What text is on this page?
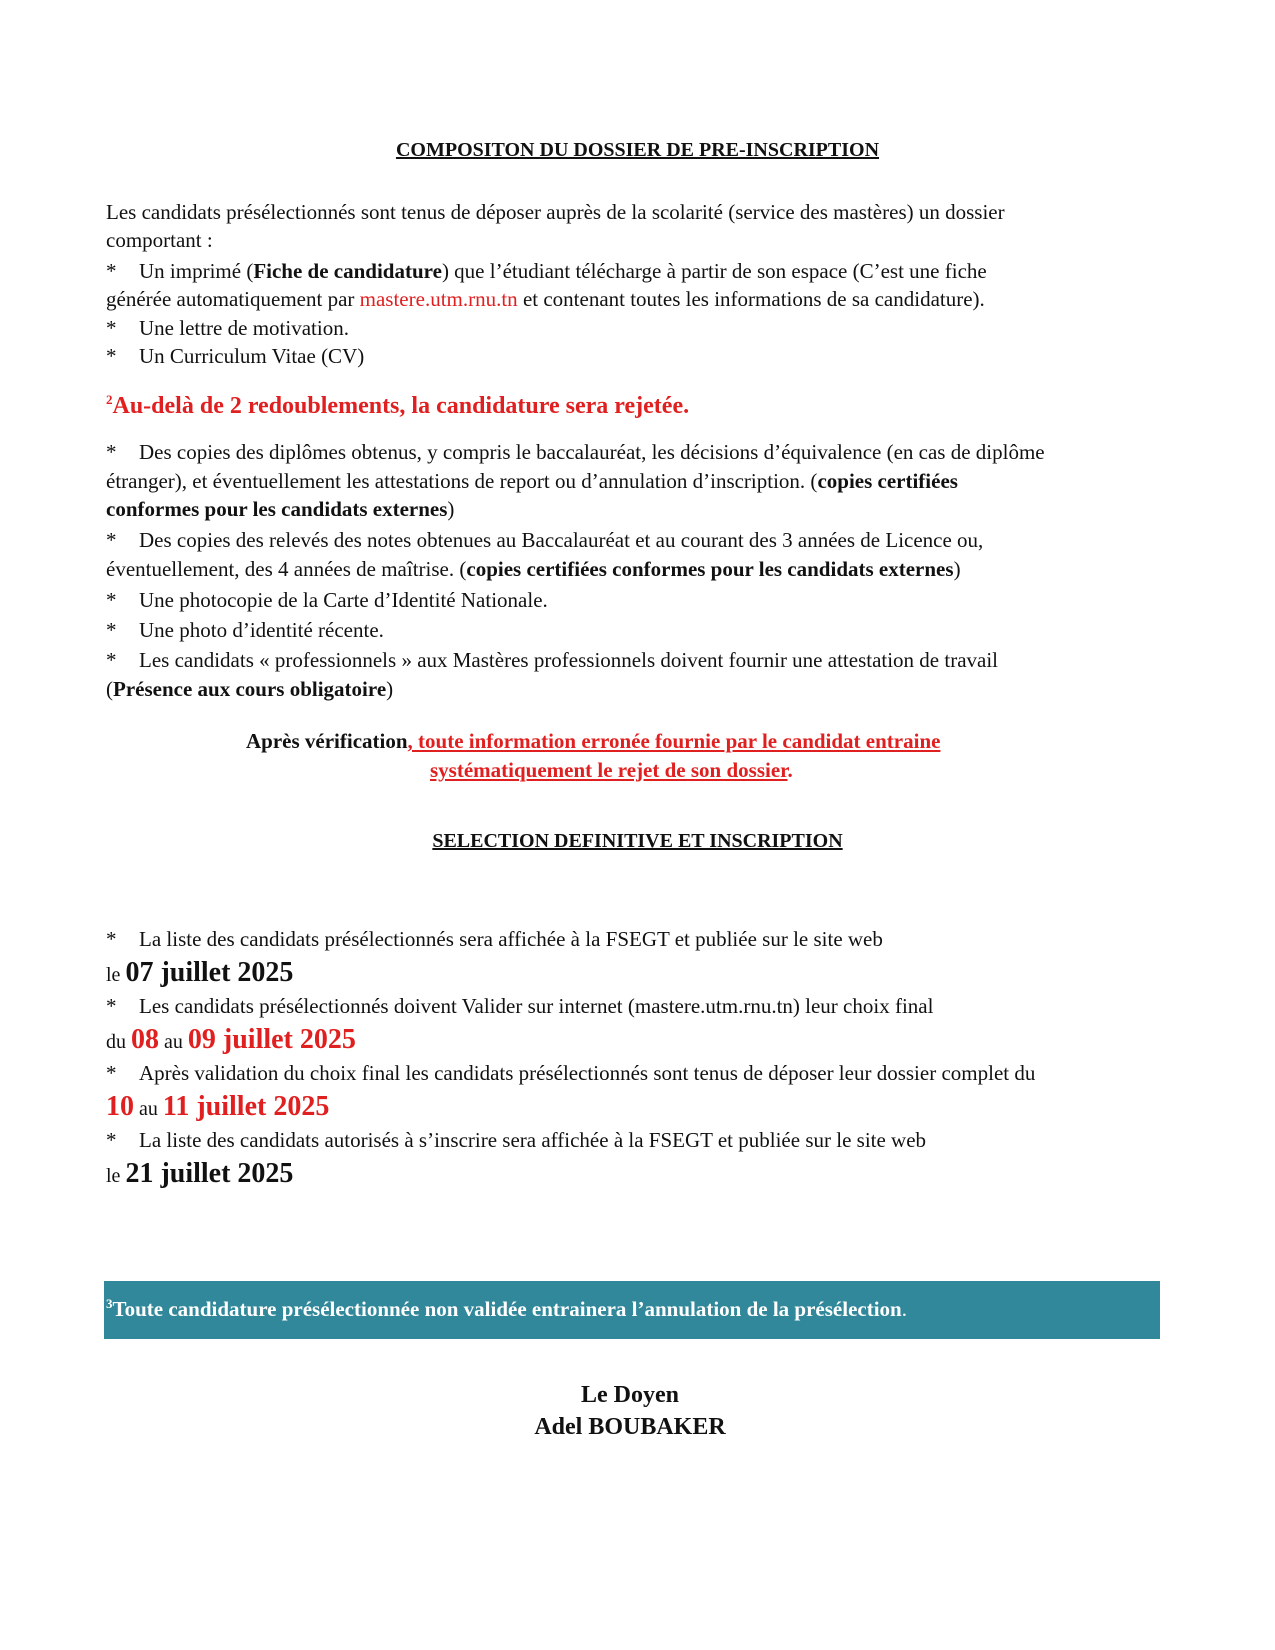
COMPOSITON DU DOSSIER DE PRE-INSCRIPTION
Les candidats présélectionnés sont tenus de déposer auprès de la scolarité (service des mastères) un dossier
comportant :
* Un imprimé (Fiche de candidature) que l’étudiant télécharge à partir de son espace (C’est une fiche
générée automatiquement par mastere.utm.rnu.tn et contenant toutes les informations de sa candidature).
* Une lettre de motivation.
* Un Curriculum Vitae (CV)
$^2$Au-delà de 2 redoublements, la candidature sera rejetée.
* Des copies des diplômes obtenus, y compris le baccalauréat, les décisions d’équivalence (en cas de diplôme
étranger), et éventuellement les attestations de report ou d’annulation d’inscription. (copies certifiées
conformes pour les candidats externes)
* Des copies des relevés des notes obtenues au Baccalauréat et au courant des 3 années de Licence ou,
éventuellement, des 4 années de maîtrise. (copies certifiées conformes pour les candidats externes)
* Une photocopie de la Carte d’Identité Nationale.
* Une photo d’identité récente.
* Les candidats « professionnels » aux Mastères professionnels doivent fournir une attestation de travail
(Présence aux cours obligatoire)
Après vérification, toute information erronée fournie par le candidat entraine
systématiquement le rejet de son dossier.
SELECTION DEFINITIVE ET INSCRIPTION
* La liste des candidats présélectionnés sera affichée à la FSEGT et publiée sur le site web
le 07 juillet 2025
* Les candidats présélectionnés doivent Valider sur internet (mastere.utm.rnu.tn) leur choix final
du 08 au 09 juillet 2025
* Après validation du choix final les candidats présélectionnés sont tenus de déposer leur dossier complet du
10 au 11 juillet 2025
* La liste des candidats autorisés à s’inscrire sera affichée à la FSEGT et publiée sur le site web
le 21 juillet 2025
$^3$Toute candidature présélectionnée non validée entrainera l’annulation de la présélection.
Le Doyen
Adel BOUBAKER
